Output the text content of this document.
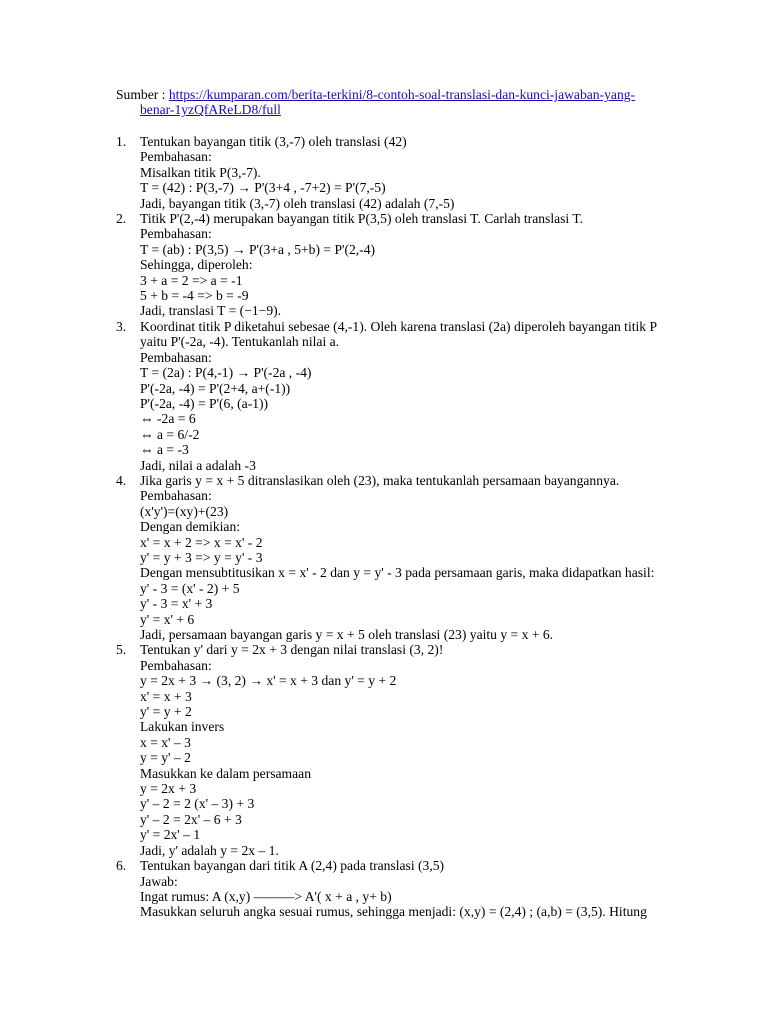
Sumber : https://kumparan.com/berita-terkini/8-contoh-soal-translasi-dan-kunci-jawaban-yang-
benar-1yzQfAReLD8/full
1.	Tentukan bayangan titik (3,-7) oleh translasi (42)
Pembahasan:
Misalkan titik P(3,-7).
T = (42) : P(3,-7) → P'(3+4 , -7+2) = P'(7,-5)
Jadi, bayangan titik (3,-7) oleh translasi (42) adalah (7,-5)
2.	Titik P'(2,-4) merupakan bayangan titik P(3,5) oleh translasi T. Carlah translasi T.
Pembahasan:
T = (ab) : P(3,5) → P'(3+a , 5+b) = P'(2,-4)
Sehingga, diperoleh:
3 + a = 2 => a = -1
5 + b = -4 => b = -9
Jadi, translasi T = (−1−9).
3.	Koordinat titik P diketahui sebesae (4,-1). Oleh karena translasi (2a) diperoleh bayangan titik P yaitu P'(-2a, -4). Tentukanlah nilai a.
Pembahasan:
T = (2a) : P(4,-1) → P'(-2a , -4)
P'(-2a, -4) = P'(2+4, a+(-1))
P'(-2a, -4) = P'(6, (a-1))
⇔ -2a = 6
⇔ a = 6/-2
⇔ a = -3
Jadi, nilai a adalah -3
4.	Jika garis y = x + 5 ditranslasikan oleh (23), maka tentukanlah persamaan bayangannya.
Pembahasan:
(x'y')=(xy)+(23)
Dengan demikian:
x' = x + 2 => x = x' - 2
y' = y + 3 => y = y' - 3
Dengan mensubtitusikan x = x' - 2 dan y = y' - 3 pada persamaan garis, maka didapatkan hasil:
y' - 3 = (x' - 2) + 5
y' - 3 = x' + 3
y' = x' + 6
Jadi, persamaan bayangan garis y = x + 5 oleh translasi (23) yaitu y = x + 6.
5.	Tentukan y' dari y = 2x + 3 dengan nilai translasi (3, 2)!
Pembahasan:
y = 2x + 3 → (3, 2) → x' = x + 3 dan y' = y + 2
x' = x + 3
y' = y + 2
Lakukan invers
x = x' – 3
y = y' – 2
Masukkan ke dalam persamaan
y = 2x + 3
y' – 2 = 2 (x' – 3) + 3
y' – 2 = 2x' – 6 + 3
y' = 2x' – 1
Jadi, y' adalah y = 2x – 1.
6.	Tentukan bayangan dari titik A (2,4) pada translasi (3,5)
Jawab:
Ingat rumus: A (x,y) ———> A'( x + a , y+ b)
Masukkan seluruh angka sesuai rumus, sehingga menjadi: (x,y) = (2,4) ; (a,b) = (3,5). Hitung
